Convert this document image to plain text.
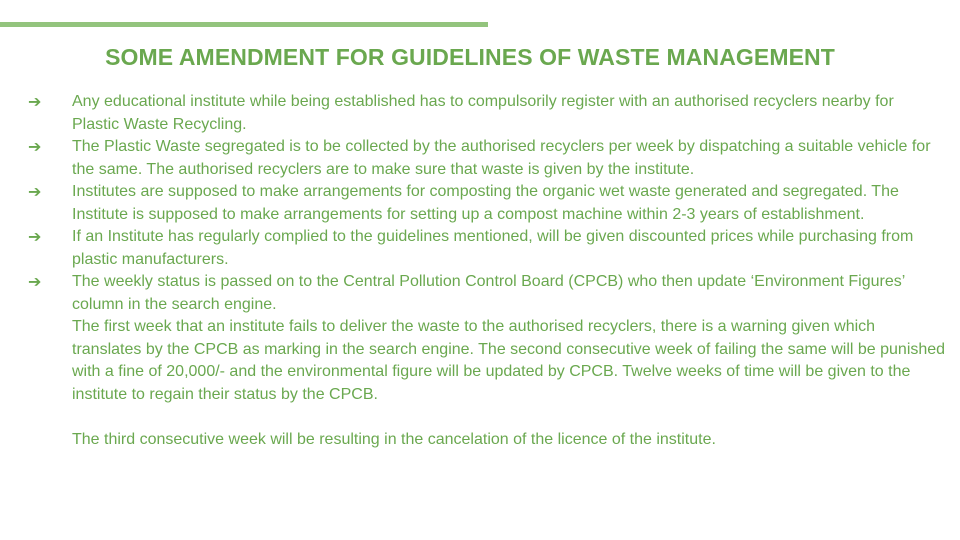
SOME AMENDMENT FOR GUIDELINES OF WASTE MANAGEMENT
➔ Any educational institute while being established has to compulsorily register with an authorised recyclers nearby for Plastic Waste Recycling.
➔ The Plastic Waste segregated is to be collected by the authorised recyclers per week by dispatching a suitable vehicle for the same. The authorised recyclers are to make sure that waste is given by the institute.
➔ Institutes are supposed to make arrangements for composting the organic wet waste generated and segregated. The Institute is supposed to make arrangements for setting up a compost machine within 2-3 years of establishment.
➔ If an Institute has regularly complied to the guidelines mentioned, will be given discounted prices while purchasing from plastic manufacturers.
➔ The weekly status is passed on to the Central Pollution Control Board (CPCB) who then update ‘Environment Figures’ column in the search engine.
The first week that an institute fails to deliver the waste to the authorised recyclers, there is a warning given which translates by the CPCB as marking in the search engine. The second consecutive week of failing the same will be punished with a fine of 20,000/- and the environmental figure will be updated by CPCB. Twelve weeks of time will be given to the institute to regain their status by the CPCB.
The third consecutive week will be resulting in the cancelation of the licence of the institute.
